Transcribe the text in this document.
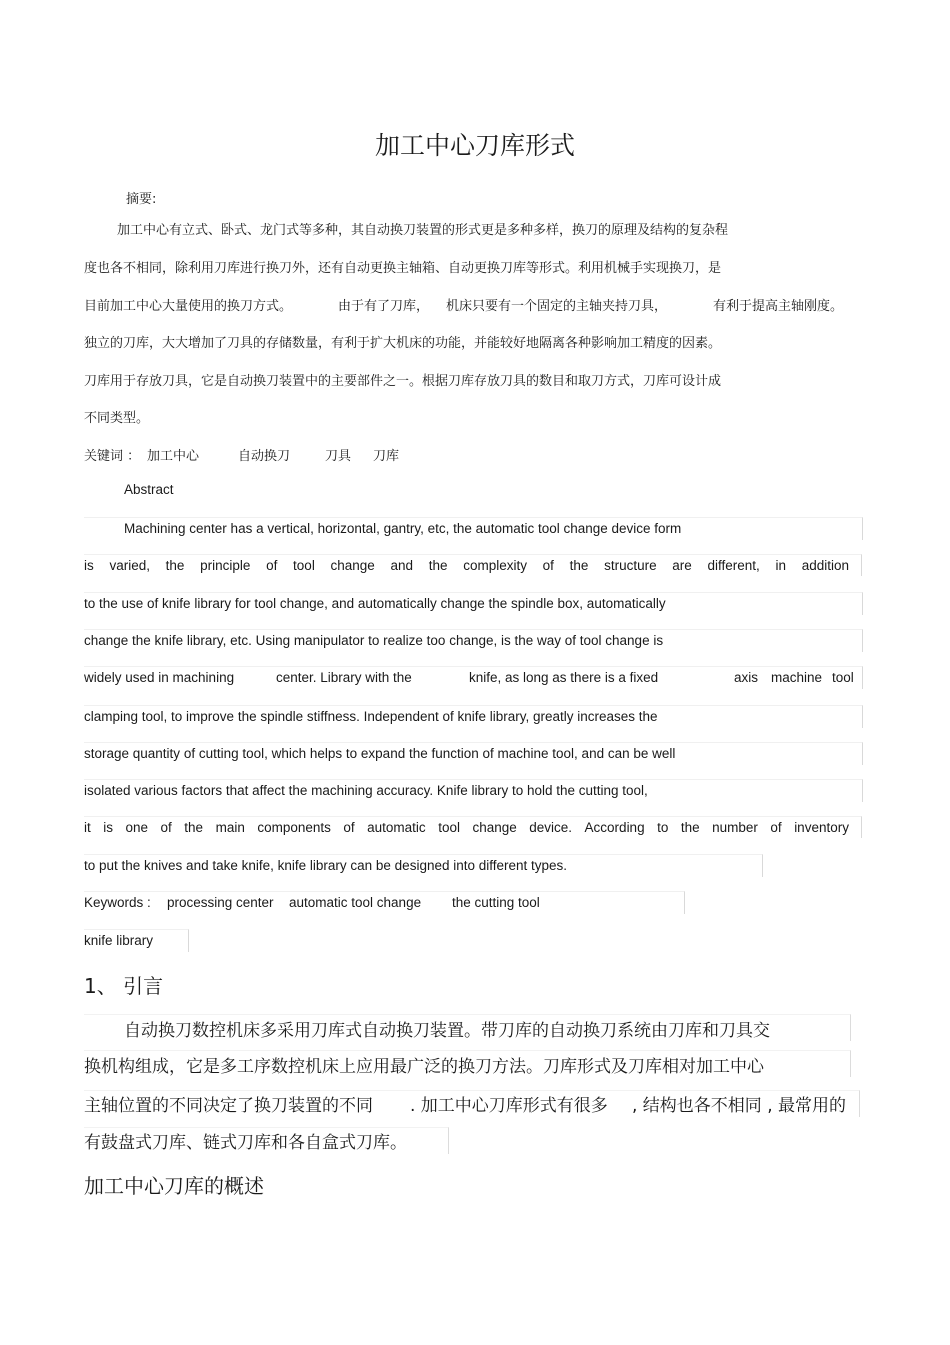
加工中心刀库形式
摘要:
加工中心有立式、卧式、龙门式等多种，其自动换刀装置的形式更是多种多样，换刀的原理及结构的复杂程
度也各不相同，除利用刀库进行换刀外，还有自动更换主轴箱、自动更换刀库等形式。利用机械手实现换刀，是
目前加工中心大量使用的换刀方式。	由于有了刀库， 机床只要有一个固定的主轴夹持刀具，	有利于提高主轴刚度。
独立的刀库，大大增加了刀具的存储数量，有利于扩大机床的功能，并能较好地隔离各种影响加工精度的因素。
刀库用于存放刀具，它是自动换刀装置中的主要部件之一。根据刀库存放刀具的数目和取刀方式，刀库可设计成
不同类型。
关键词 ： 加工中心	自动换刀	刀具 刀库
Abstract
Machining center has a vertical, horizontal, gantry, etc, the automatic tool change device form
is varied, the principle of tool change and the complexity of the structure are different, in addition
to the use of knife library for tool change, and automatically change the spindle box, automatically
change the knife library, etc. Using manipulator to realize too change, is the way of tool change is
widely used in machining	center. Library with the	knife, as long as there is a fixed	axis machine tool
clamping tool, to improve the spindle stiffness. Independent of knife library, greatly increases the
storage quantity of cutting tool, which helps to expand the function of machine tool, and can be well
isolated various factors that affect the machining accuracy. Knife library to hold the cutting tool,
it is one of the main components of automatic tool change device. According to the number of inventory
to put the knives and take knife, knife library can be designed into different types.
Keywords : processing center automatic tool change the cutting tool
knife library
1、 引言
自动换刀数控机床多采用刀库式自动换刀装置。带刀库的自动换刀系统由刀库和刀具交
换机构组成，它是多工序数控机床上应用最广泛的换刀方法。刀库形式及刀库相对加工中心
主轴位置的不同决定了换刀装置的不同 . 加工中心刀库形式有很多 , 结构也各不相同 , 最常用的
有鼓盘式刀库、链式刀库和各自盒式刀库。
加工中心刀库的概述
